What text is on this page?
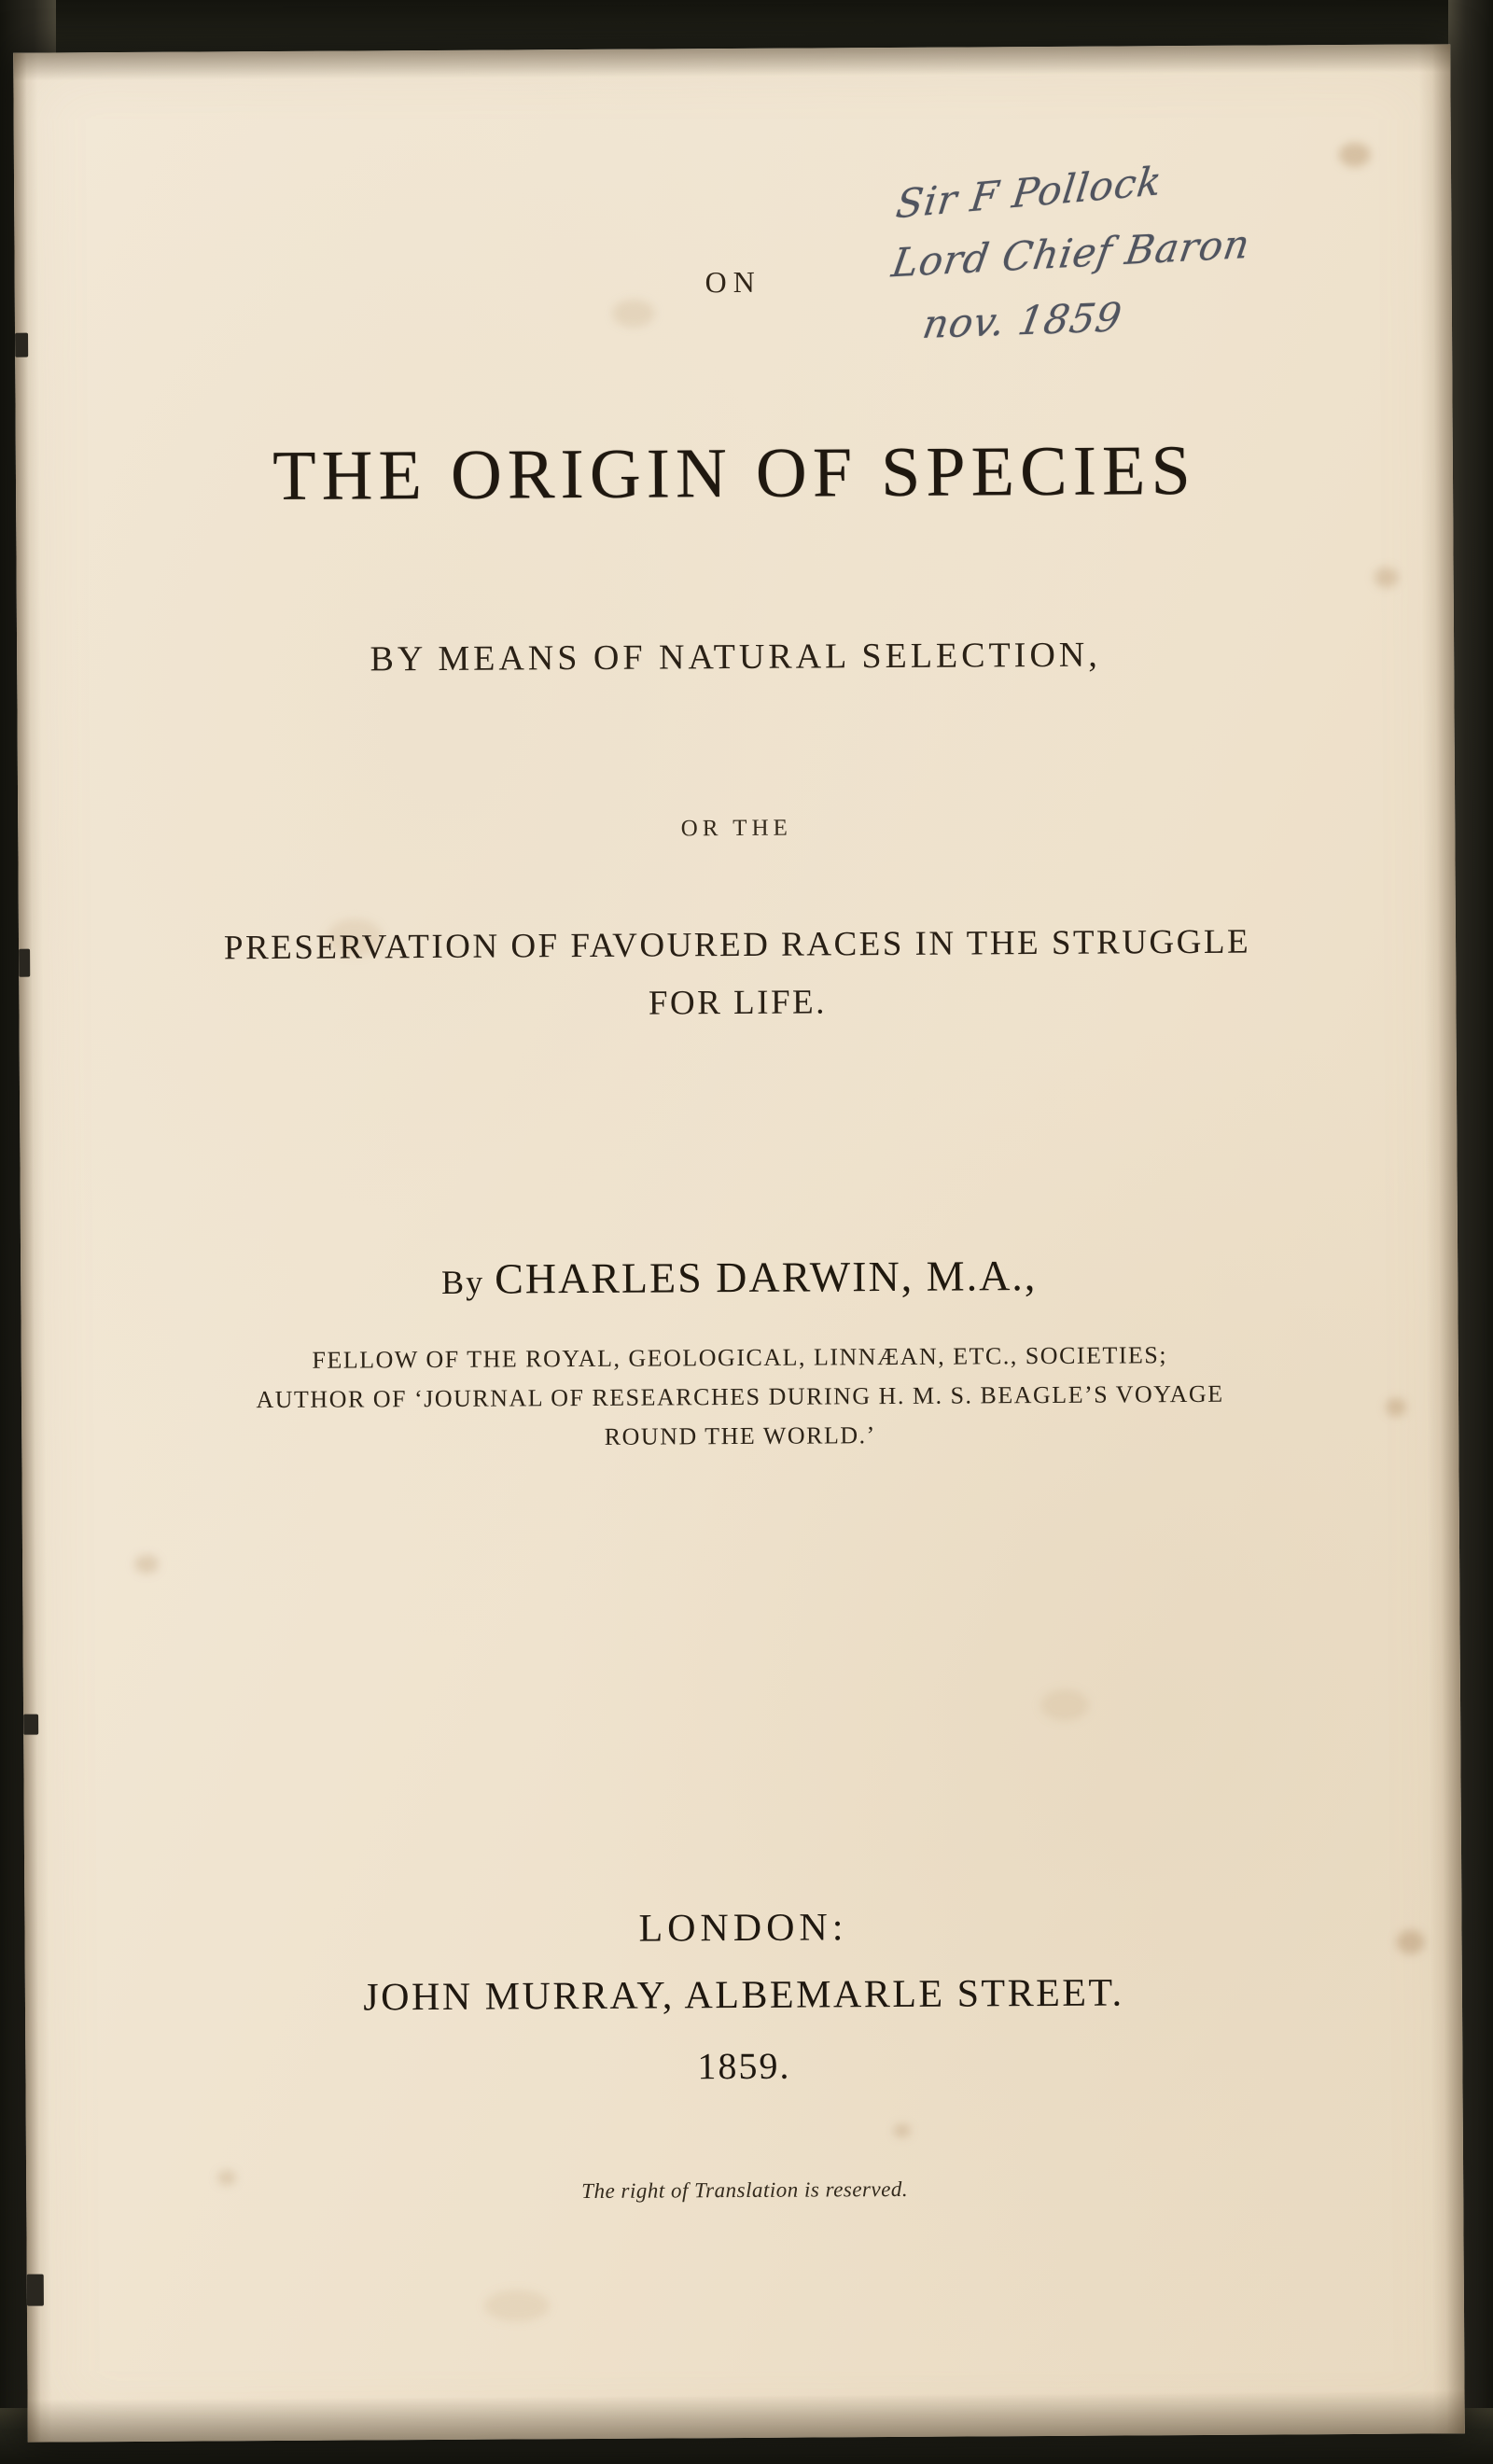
ON
THE ORIGIN OF SPECIES
BY MEANS OF NATURAL SELECTION,
OR THE
PRESERVATION OF FAVOURED RACES IN THE STRUGGLE
FOR LIFE.
By CHARLES DARWIN, M.A.,
FELLOW OF THE ROYAL, GEOLOGICAL, LINNÆAN, ETC., SOCIETIES;
AUTHOR OF ‘JOURNAL OF RESEARCHES DURING H. M. S. BEAGLE’S VOYAGE
ROUND THE WORLD.’
LONDON:
JOHN MURRAY, ALBEMARLE STREET.
1859.
The right of Translation is reserved.
Sir F Pollock
Lord Chief Baron
nov. 1859
